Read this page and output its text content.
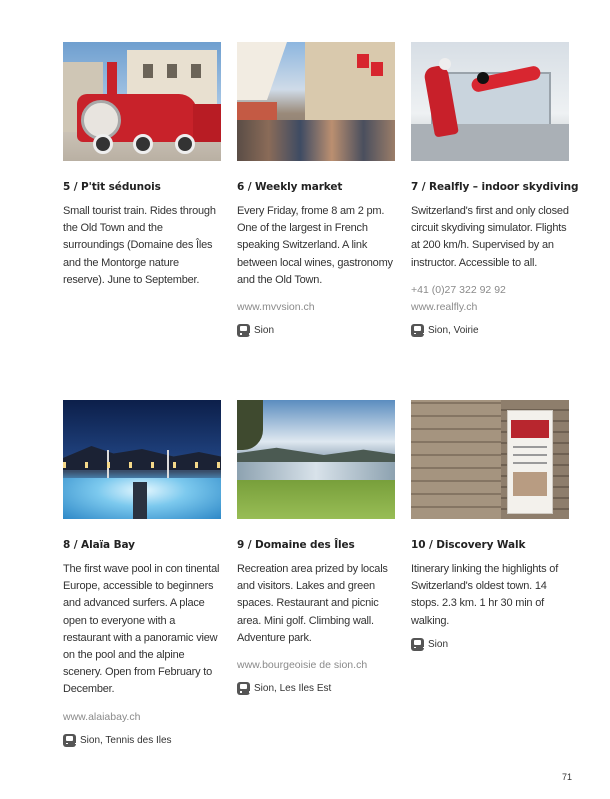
5 / P'tit sédunois
Small tourist train. Rides through the Old Town and the surroundings (Domaine des Îles and the Montorge nature reserve). June to September.
6 / Weekly market
Every Friday, frome 8 am 2 pm. One of the largest in French speaking Switzerland. A link between local wines, gastronomy and the Old Town.
www.mvvsion.ch
Sion
7 / Realfly – indoor skydiving
Switzerland's first and only closed circuit skydiving simulator. Flights at 200 km/h. Supervised by an instructor. Accessible to all.
+41 (0)27 322 92 92
www.realfly.ch
Sion, Voirie
8 / Alaïa Bay
The first wave pool in con tinental Europe, accessible to beginners and advanced surfers. A place open to everyone with a restaurant with a panoramic view on the pool and the alpine scenery. Open from February to December.
www.alaiabay.ch
Sion, Tennis des Iles
9 / Domaine des Îles
Recreation area prized by locals and visitors. Lakes and green spaces. Restaurant and picnic area. Mini golf. Climbing wall. Adventure park.
www.bourgeoisie de sion.ch
Sion, Les Iles Est
10 / Discovery Walk
Itinerary linking the highlights of Switzerland's oldest town. 14 stops. 2.3 km. 1 hr 30 min of walking.
Sion
71
